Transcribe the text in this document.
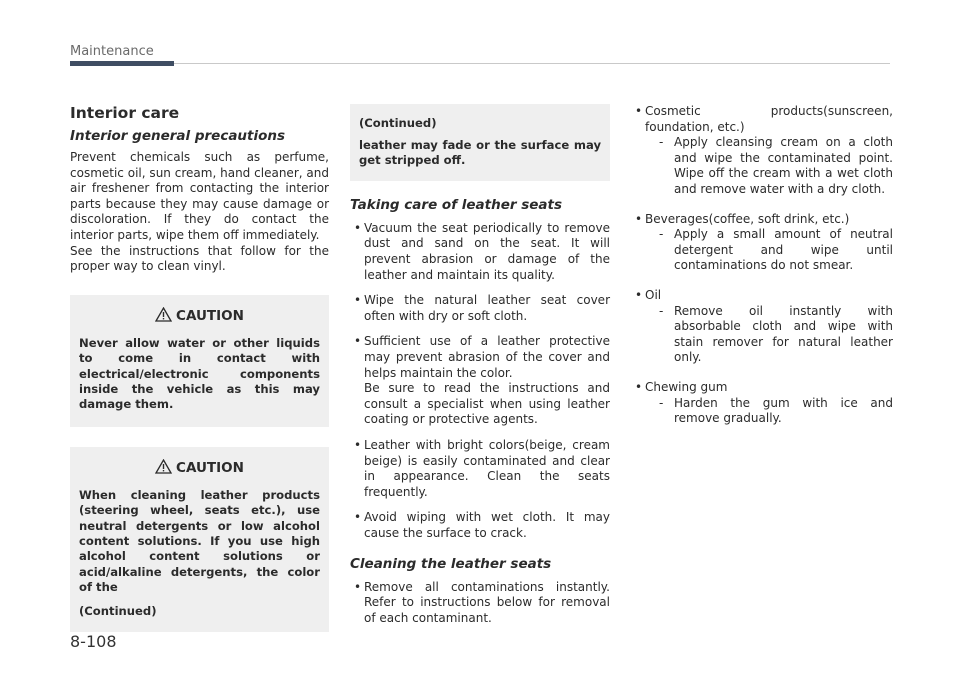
Maintenance
Interior care
Interior general precautions

Prevent chemicals such as perfume, cosmetic oil, sun cream, hand cleaner, and air freshener from contacting the interior parts because they may cause damage or discoloration. If they do contact the interior parts, wipe them off immediately.

See the instructions that follow for the proper way to clean vinyl.

CAUTION
Never allow water or other liquids to come in contact with electrical/electronic components inside the vehicle as this may damage them.
CAUTION
When cleaning leather products (steering wheel, seats etc.), use neutral detergents or low alcohol content solutions. If you use high alcohol content solutions or acid/alkaline detergents, the color of the
(Continued)
(Continued)
leather may fade or the surface may get stripped off.
Taking care of leather seats
• Vacuum the seat periodically to remove dust and sand on the seat. It will prevent abrasion or damage of the leather and maintain its quality.
• Wipe the natural leather seat cover often with dry or soft cloth.
• Sufficient use of a leather protective may prevent abrasion of the cover and helps maintain the color.
Be sure to read the instructions and consult a specialist when using leather coating or protective agents.
• Leather with bright colors(beige, cream beige) is easily contaminated and clear in appearance. Clean the seats frequently.
• Avoid wiping with wet cloth. It may cause the surface to crack.
Cleaning the leather seats
• Remove all contaminations instantly. Refer to instructions below for removal of each contaminant.
• Cosmetic products(sunscreen, foundation, etc.)
- Apply cleansing cream on a cloth and wipe the contaminated point. Wipe off the cream with a wet cloth and remove water with a dry cloth.
• Beverages(coffee, soft drink, etc.)
- Apply a small amount of neutral detergent and wipe until contaminations do not smear.
• Oil
- Remove oil instantly with absorbable cloth and wipe with stain remover for natural leather only.
• Chewing gum
- Harden the gum with ice and remove gradually.
8-108
